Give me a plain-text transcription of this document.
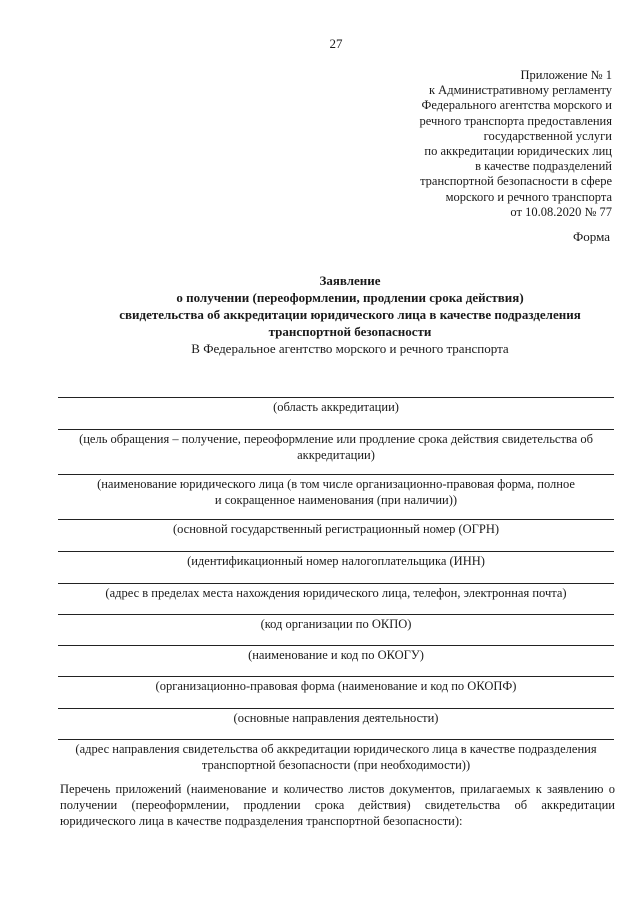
27
Приложение № 1
к Административному регламенту
Федерального агентства морского и
речного транспорта предоставления
государственной услуги
по аккредитации юридических лиц
в качестве подразделений
транспортной безопасности в сфере
морского и речного транспорта
от 10.08.2020 № 77
Форма
Заявление
о получении (переоформлении, продлении срока действия)
свидетельства об аккредитации юридического лица в качестве подразделения
транспортной безопасности
В Федеральное агентство морского и речного транспорта
(область аккредитации)
(цель обращения – получение, переоформление или продление срока действия свидетельства об аккредитации)
(наименование юридического лица (в том числе организационно-правовая форма, полное и сокращенное наименования (при наличии))
(основной государственный регистрационный номер (ОГРН)
(идентификационный номер налогоплательщика (ИНН)
(адрес в пределах места нахождения юридического лица, телефон, электронная почта)
(код организации по ОКПО)
(наименование и код по ОКОГУ)
(организационно-правовая форма (наименование и код по ОКОПФ)
(основные направления деятельности)
(адрес направления свидетельства об аккредитации юридического лица в качестве подразделения транспортной безопасности (при необходимости))
Перечень приложений (наименование и количество листов документов, прилагаемых к заявлению о получении (переоформлении, продлении срока действия) свидетельства об аккредитации юридического лица в качестве подразделения транспортной безопасности):
